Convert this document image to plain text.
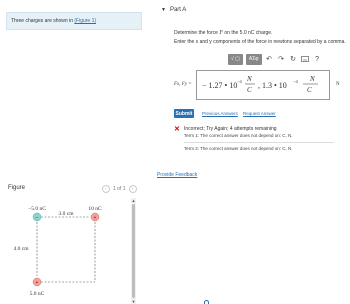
Three charges are shown in (Figure 1)
▼ Part A
Determine the force F on the 5.0 nC charge.
Enter the x and y components of the force in newtons separated by a comma.
√ ▢	AΣφ ↶ ↷ ↻	?
Fx, Fy = − 1.27 • 10 −4 N
C , 1.3 • 10 −4 N
C
N
Submit	Previous Answers Request Answer
✕ Incorrect; Try Again; 4 attempts remaining
Term 1: The correct answer does not depend on: C, N.
Term 2: The correct answer does not depend on: C, N.
Provide Feedback
Figure	‹	1 of 1	›
▲
▼
−	+
+
−5.0 nC	10 nC
3.0 cm
4.0 cm
5.0 nC
